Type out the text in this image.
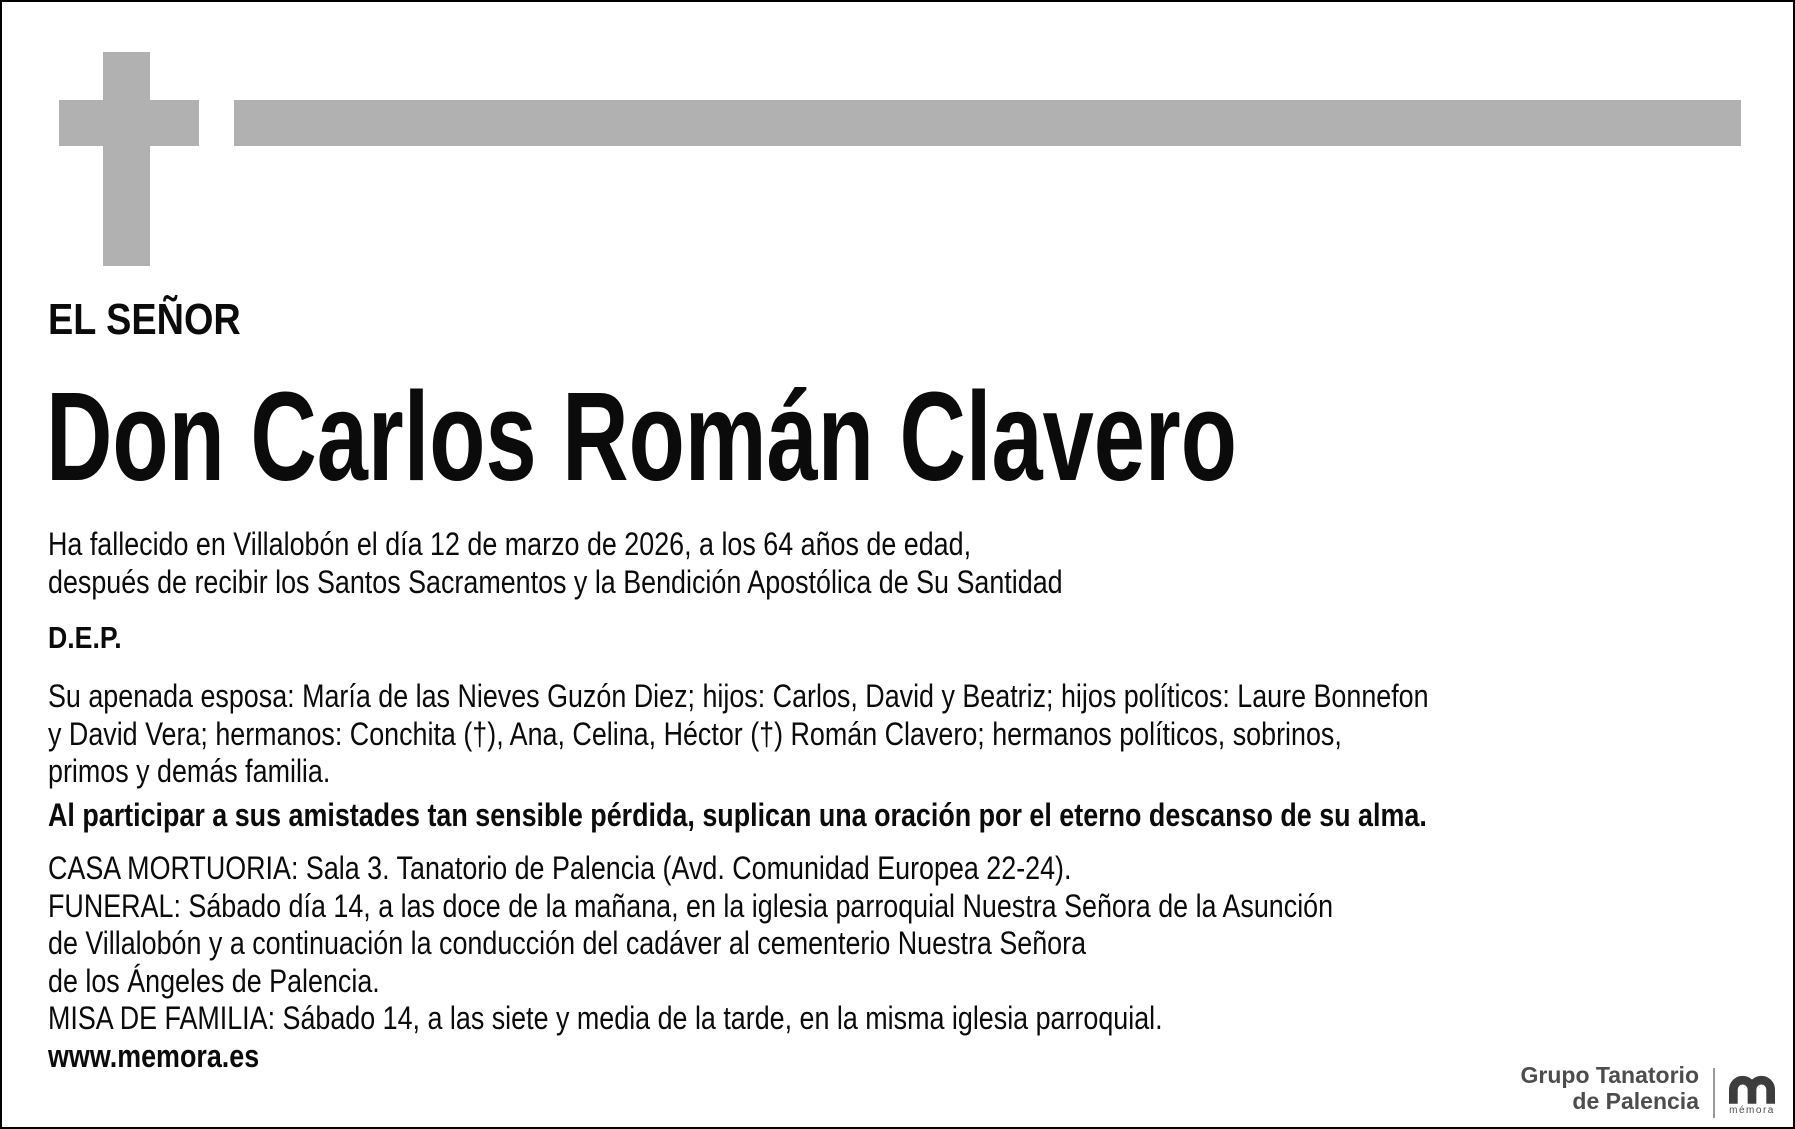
EL SEÑOR
Don Carlos Román Clavero
Ha fallecido en Villalobón el día 12 de marzo de 2026, a los 64 años de edad,
después de recibir los Santos Sacramentos y la Bendición Apostólica de Su Santidad
D.E.P.
Su apenada esposa: María de las Nieves Guzón Diez; hijos: Carlos, David y Beatriz; hijos políticos: Laure Bonnefon
y David Vera; hermanos: Conchita (†), Ana, Celina, Héctor (†) Román Clavero; hermanos políticos, sobrinos,
primos y demás familia.
Al participar a sus amistades tan sensible pérdida, suplican una oración por el eterno descanso de su alma.
CASA MORTUORIA: Sala 3. Tanatorio de Palencia (Avd. Comunidad Europea 22-24).
FUNERAL: Sábado día 14, a las doce de la mañana, en la iglesia parroquial Nuestra Señora de la Asunción
de Villalobón y a continuación la conducción del cadáver al cementerio Nuestra Señora
de los Ángeles de Palencia.
MISA DE FAMILIA: Sábado 14, a las siete y media de la tarde, en la misma iglesia parroquial.
www.memora.es
Grupo Tanatorio
de Palencia	mémora
